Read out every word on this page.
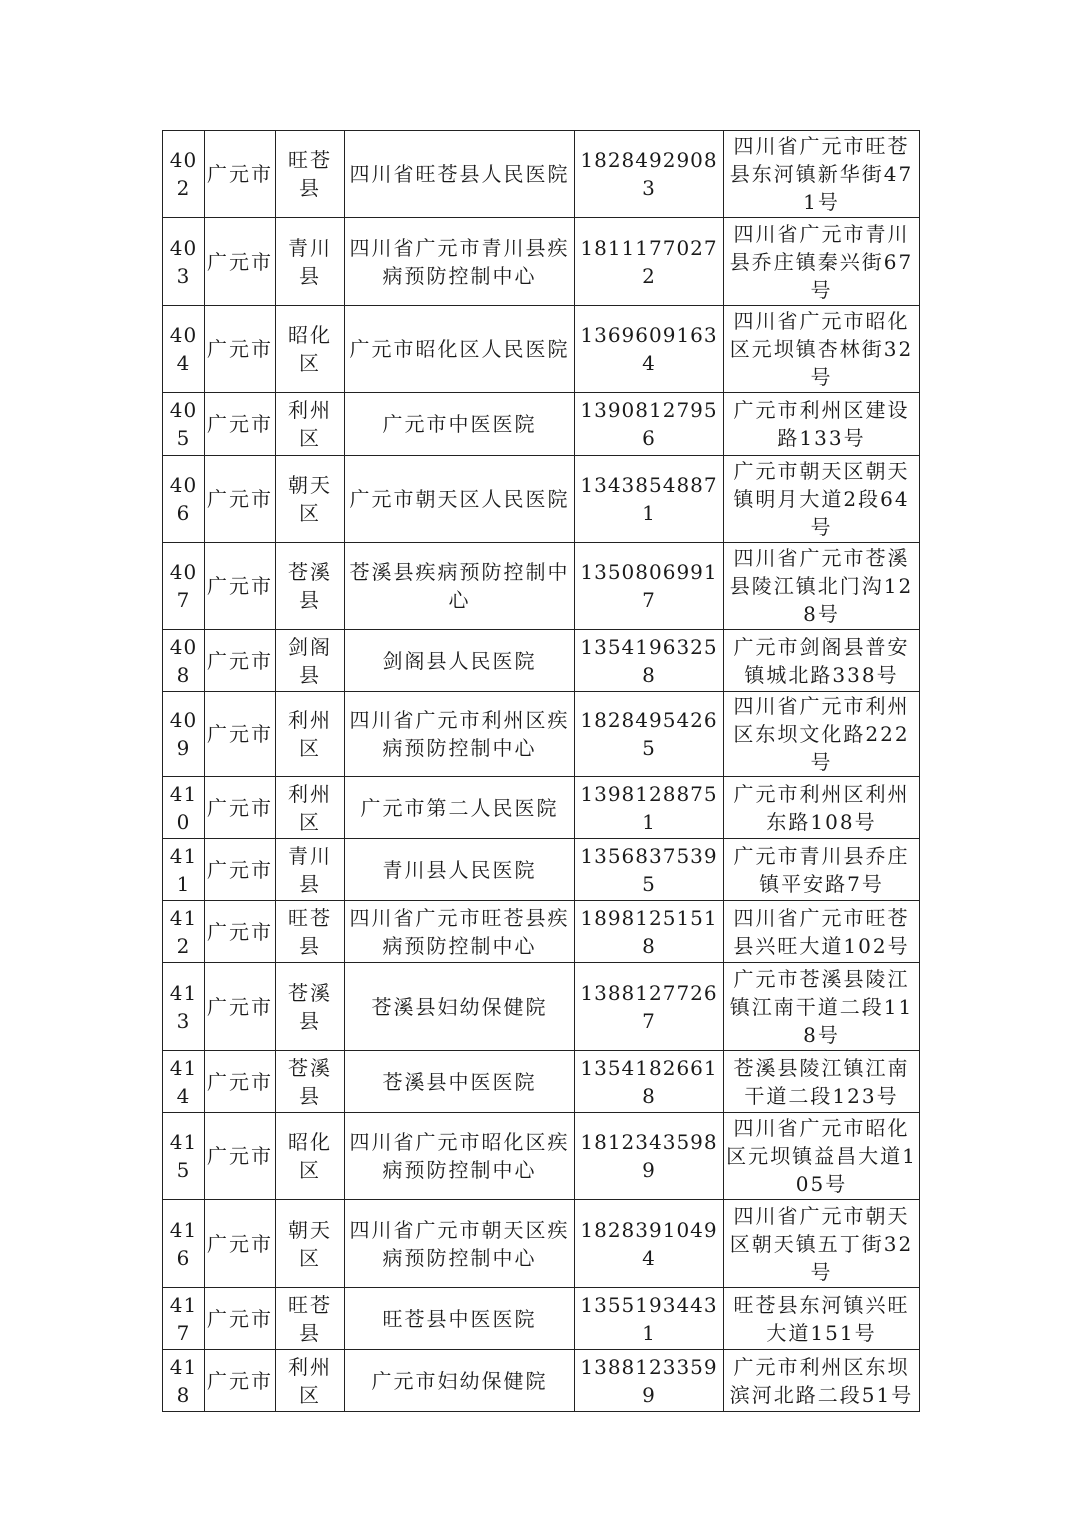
402	广元市	旺苍县	四川省旺苍县人民医院	18284929083	四川省广元市旺苍县东河镇新华街471号
403	广元市	青川县	四川省广元市青川县疾病预防控制中心	18111770272	四川省广元市青川县乔庄镇秦兴街67号
404	广元市	昭化区	广元市昭化区人民医院	13696091634	四川省广元市昭化区元坝镇杏林街32号
405	广元市	利州区	广元市中医医院	13908127956	广元市利州区建设路133号
406	广元市	朝天区	广元市朝天区人民医院	13438548871	广元市朝天区朝天镇明月大道2段64号
407	广元市	苍溪县	苍溪县疾病预防控制中心	13508069917	四川省广元市苍溪县陵江镇北门沟128号
408	广元市	剑阁县	剑阁县人民医院	13541963258	广元市剑阁县普安镇城北路338号
409	广元市	利州区	四川省广元市利州区疾病预防控制中心	18284954265	四川省广元市利州区东坝文化路222号
410	广元市	利州区	广元市第二人民医院	13981288751	广元市利州区利州东路108号
411	广元市	青川县	青川县人民医院	13568375395	广元市青川县乔庄镇平安路7号
412	广元市	旺苍县	四川省广元市旺苍县疾病预防控制中心	18981251518	四川省广元市旺苍县兴旺大道102号
413	广元市	苍溪县	苍溪县妇幼保健院	13881277267	广元市苍溪县陵江镇江南干道二段118号
414	广元市	苍溪县	苍溪县中医医院	13541826618	苍溪县陵江镇江南干道二段123号
415	广元市	昭化区	四川省广元市昭化区疾病预防控制中心	18123435989	四川省广元市昭化区元坝镇益昌大道105号
416	广元市	朝天区	四川省广元市朝天区疾病预防控制中心	18283910494	四川省广元市朝天区朝天镇五丁街32号
417	广元市	旺苍县	旺苍县中医医院	13551934431	旺苍县东河镇兴旺大道151号
418	广元市	利州区	广元市妇幼保健院	13881233599	广元市利州区东坝滨河北路二段51号
